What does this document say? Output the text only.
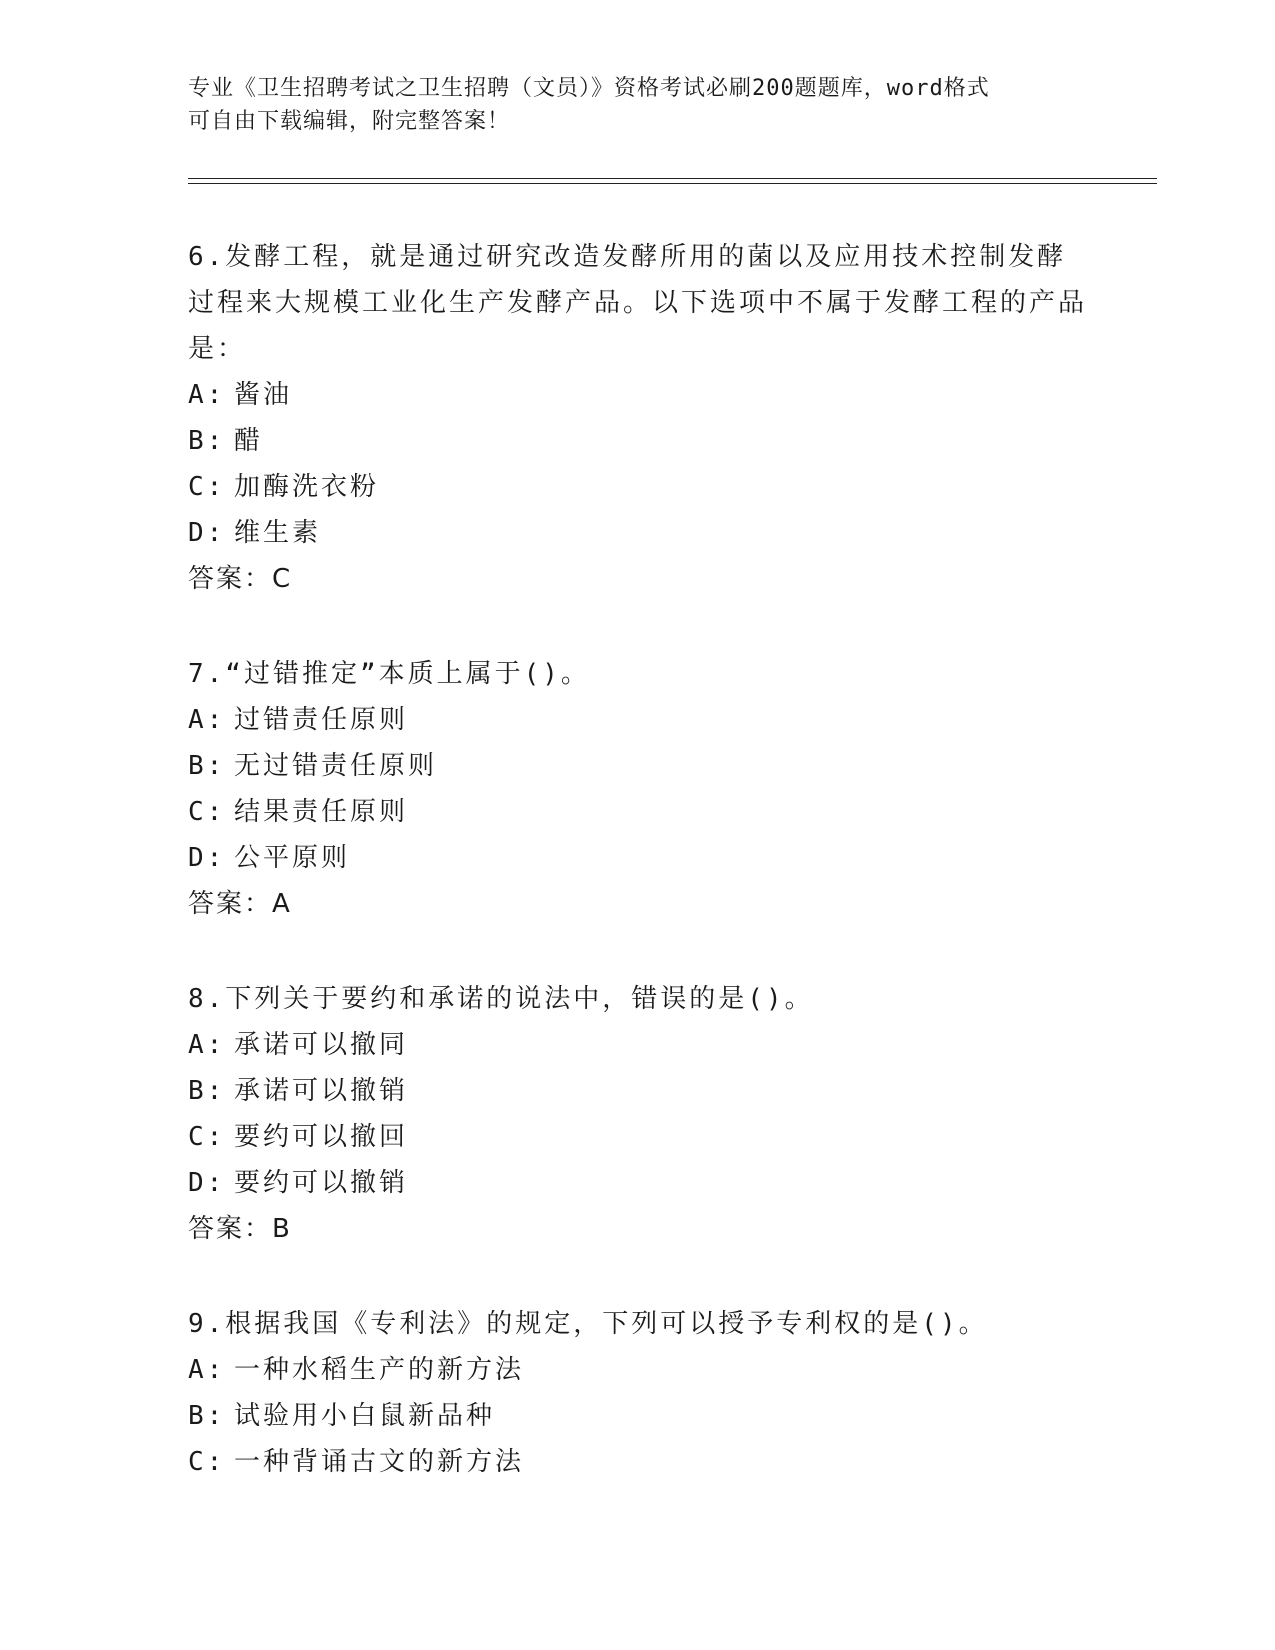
专业《卫生招聘考试之卫生招聘（文员）》资格考试必刷200题题库，word格式
可自由下载编辑，附完整答案！
6.发酵工程，就是通过研究改造发酵所用的菌以及应用技术控制发酵过程来大规模工业化生产发酵产品。以下选项中不属于发酵工程的产品是：
A: 酱油
B: 醋
C: 加酶洗衣粉
D: 维生素
答案：C
7.“过错推定”本质上属于()。
A: 过错责任原则
B: 无过错责任原则
C: 结果责任原则
D: 公平原则
答案：A
8.下列关于要约和承诺的说法中，错误的是()。
A: 承诺可以撤同
B: 承诺可以撤销
C: 要约可以撤回
D: 要约可以撤销
答案：B
9.根据我国《专利法》的规定，下列可以授予专利权的是()。
A: 一种水稻生产的新方法
B: 试验用小白鼠新品种
C: 一种背诵古文的新方法
